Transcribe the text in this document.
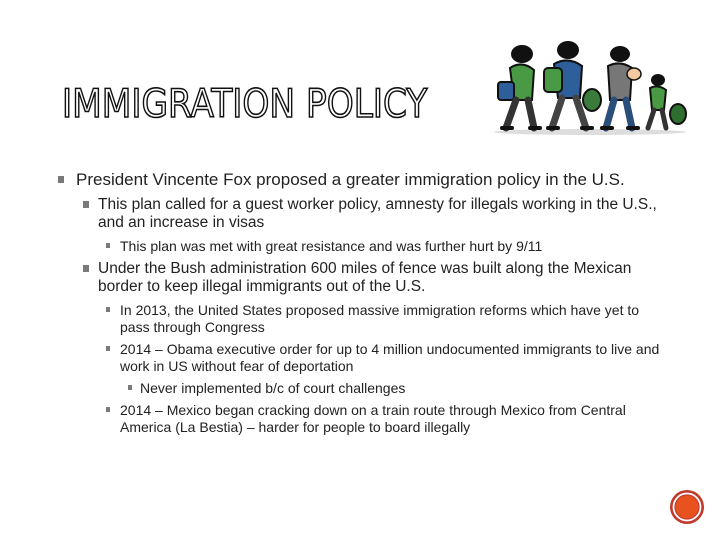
IMMIGRATION POLICY
President Vincente Fox proposed a greater immigration policy in the U.S.
This plan called for a guest worker policy, amnesty for illegals working in the U.S., and an increase in visas
This plan was met with great resistance and was further hurt by 9/11
Under the Bush administration 600 miles of fence was built along the Mexican border to keep illegal immigrants out of the U.S.
In 2013, the United States proposed massive immigration reforms which have yet to pass through Congress
2014 – Obama executive order for up to 4 million undocumented immigrants to live and work in US without fear of deportation
Never implemented b/c of court challenges
2014 – Mexico began cracking down on a train route through Mexico from Central America (La Bestia) – harder for people to board illegally
